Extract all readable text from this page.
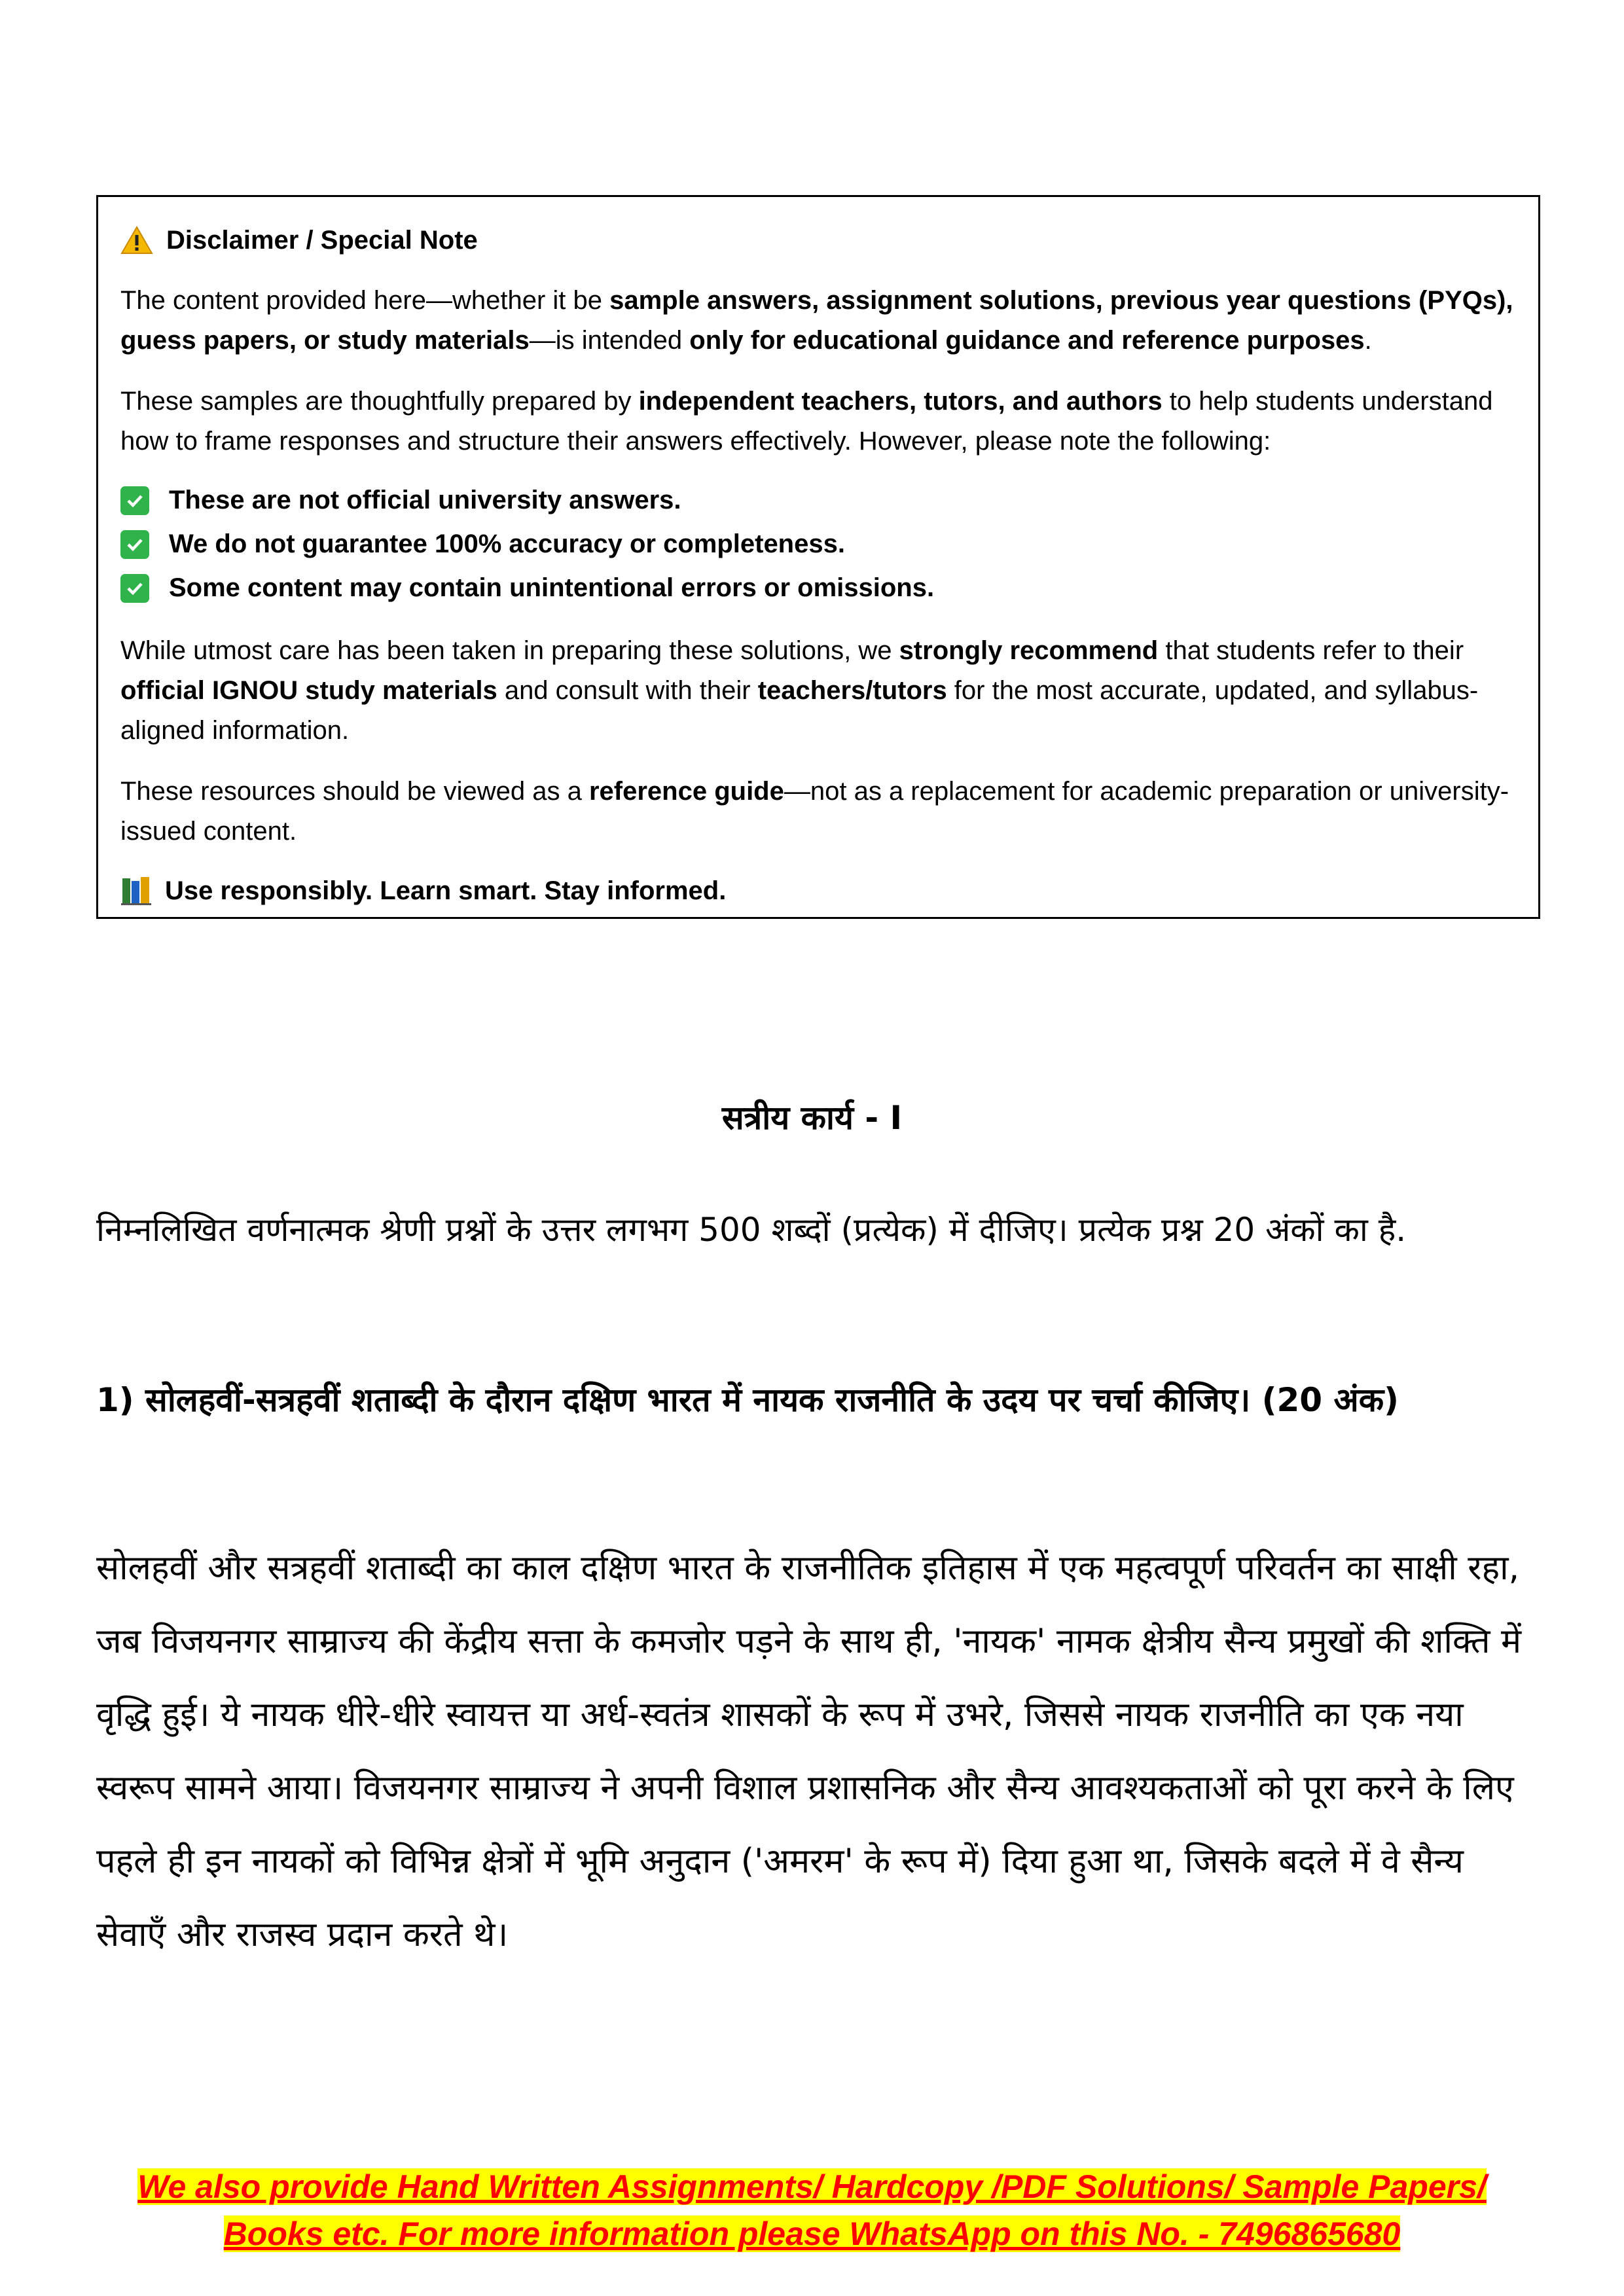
Disclaimer / Special Note
The content provided here—whether it be sample answers, assignment solutions, previous year questions (PYQs), guess papers, or study materials—is intended only for educational guidance and reference purposes.
These samples are thoughtfully prepared by independent teachers, tutors, and authors to help students understand how to frame responses and structure their answers effectively. However, please note the following:
These are not official university answers.
We do not guarantee 100% accuracy or completeness.
Some content may contain unintentional errors or omissions.
While utmost care has been taken in preparing these solutions, we strongly recommend that students refer to their official IGNOU study materials and consult with their teachers/tutors for the most accurate, updated, and syllabus-aligned information.
These resources should be viewed as a reference guide—not as a replacement for academic preparation or university-issued content.
Use responsibly. Learn smart. Stay informed.
सत्रीय कार्य - I
निम्नलिखित वर्णनात्मक श्रेणी प्रश्नों के उत्तर लगभग 500 शब्दों (प्रत्येक) में दीजिए। प्रत्येक प्रश्न 20 अंकों का है.
1) सोलहवीं-सत्रहवीं शताब्दी के दौरान दक्षिण भारत में नायक राजनीति के उदय पर चर्चा कीजिए। (20 अंक)
सोलहवीं और सत्रहवीं शताब्दी का काल दक्षिण भारत के राजनीतिक इतिहास में एक महत्वपूर्ण परिवर्तन का साक्षी रहा, जब विजयनगर साम्राज्य की केंद्रीय सत्ता के कमजोर पड़ने के साथ ही, 'नायक' नामक क्षेत्रीय सैन्य प्रमुखों की शक्ति में वृद्धि हुई। ये नायक धीरे-धीरे स्वायत्त या अर्ध-स्वतंत्र शासकों के रूप में उभरे, जिससे नायक राजनीति का एक नया स्वरूप सामने आया। विजयनगर साम्राज्य ने अपनी विशाल प्रशासनिक और सैन्य आवश्यकताओं को पूरा करने के लिए पहले ही इन नायकों को विभिन्न क्षेत्रों में भूमि अनुदान ('अमरम' के रूप में) दिया हुआ था, जिसके बदले में वे सैन्य सेवाएँ और राजस्व प्रदान करते थे।
We also provide Hand Written Assignments/ Hardcopy /PDF Solutions/ Sample Papers/
Books etc. For more information please WhatsApp on this No. - 7496865680
